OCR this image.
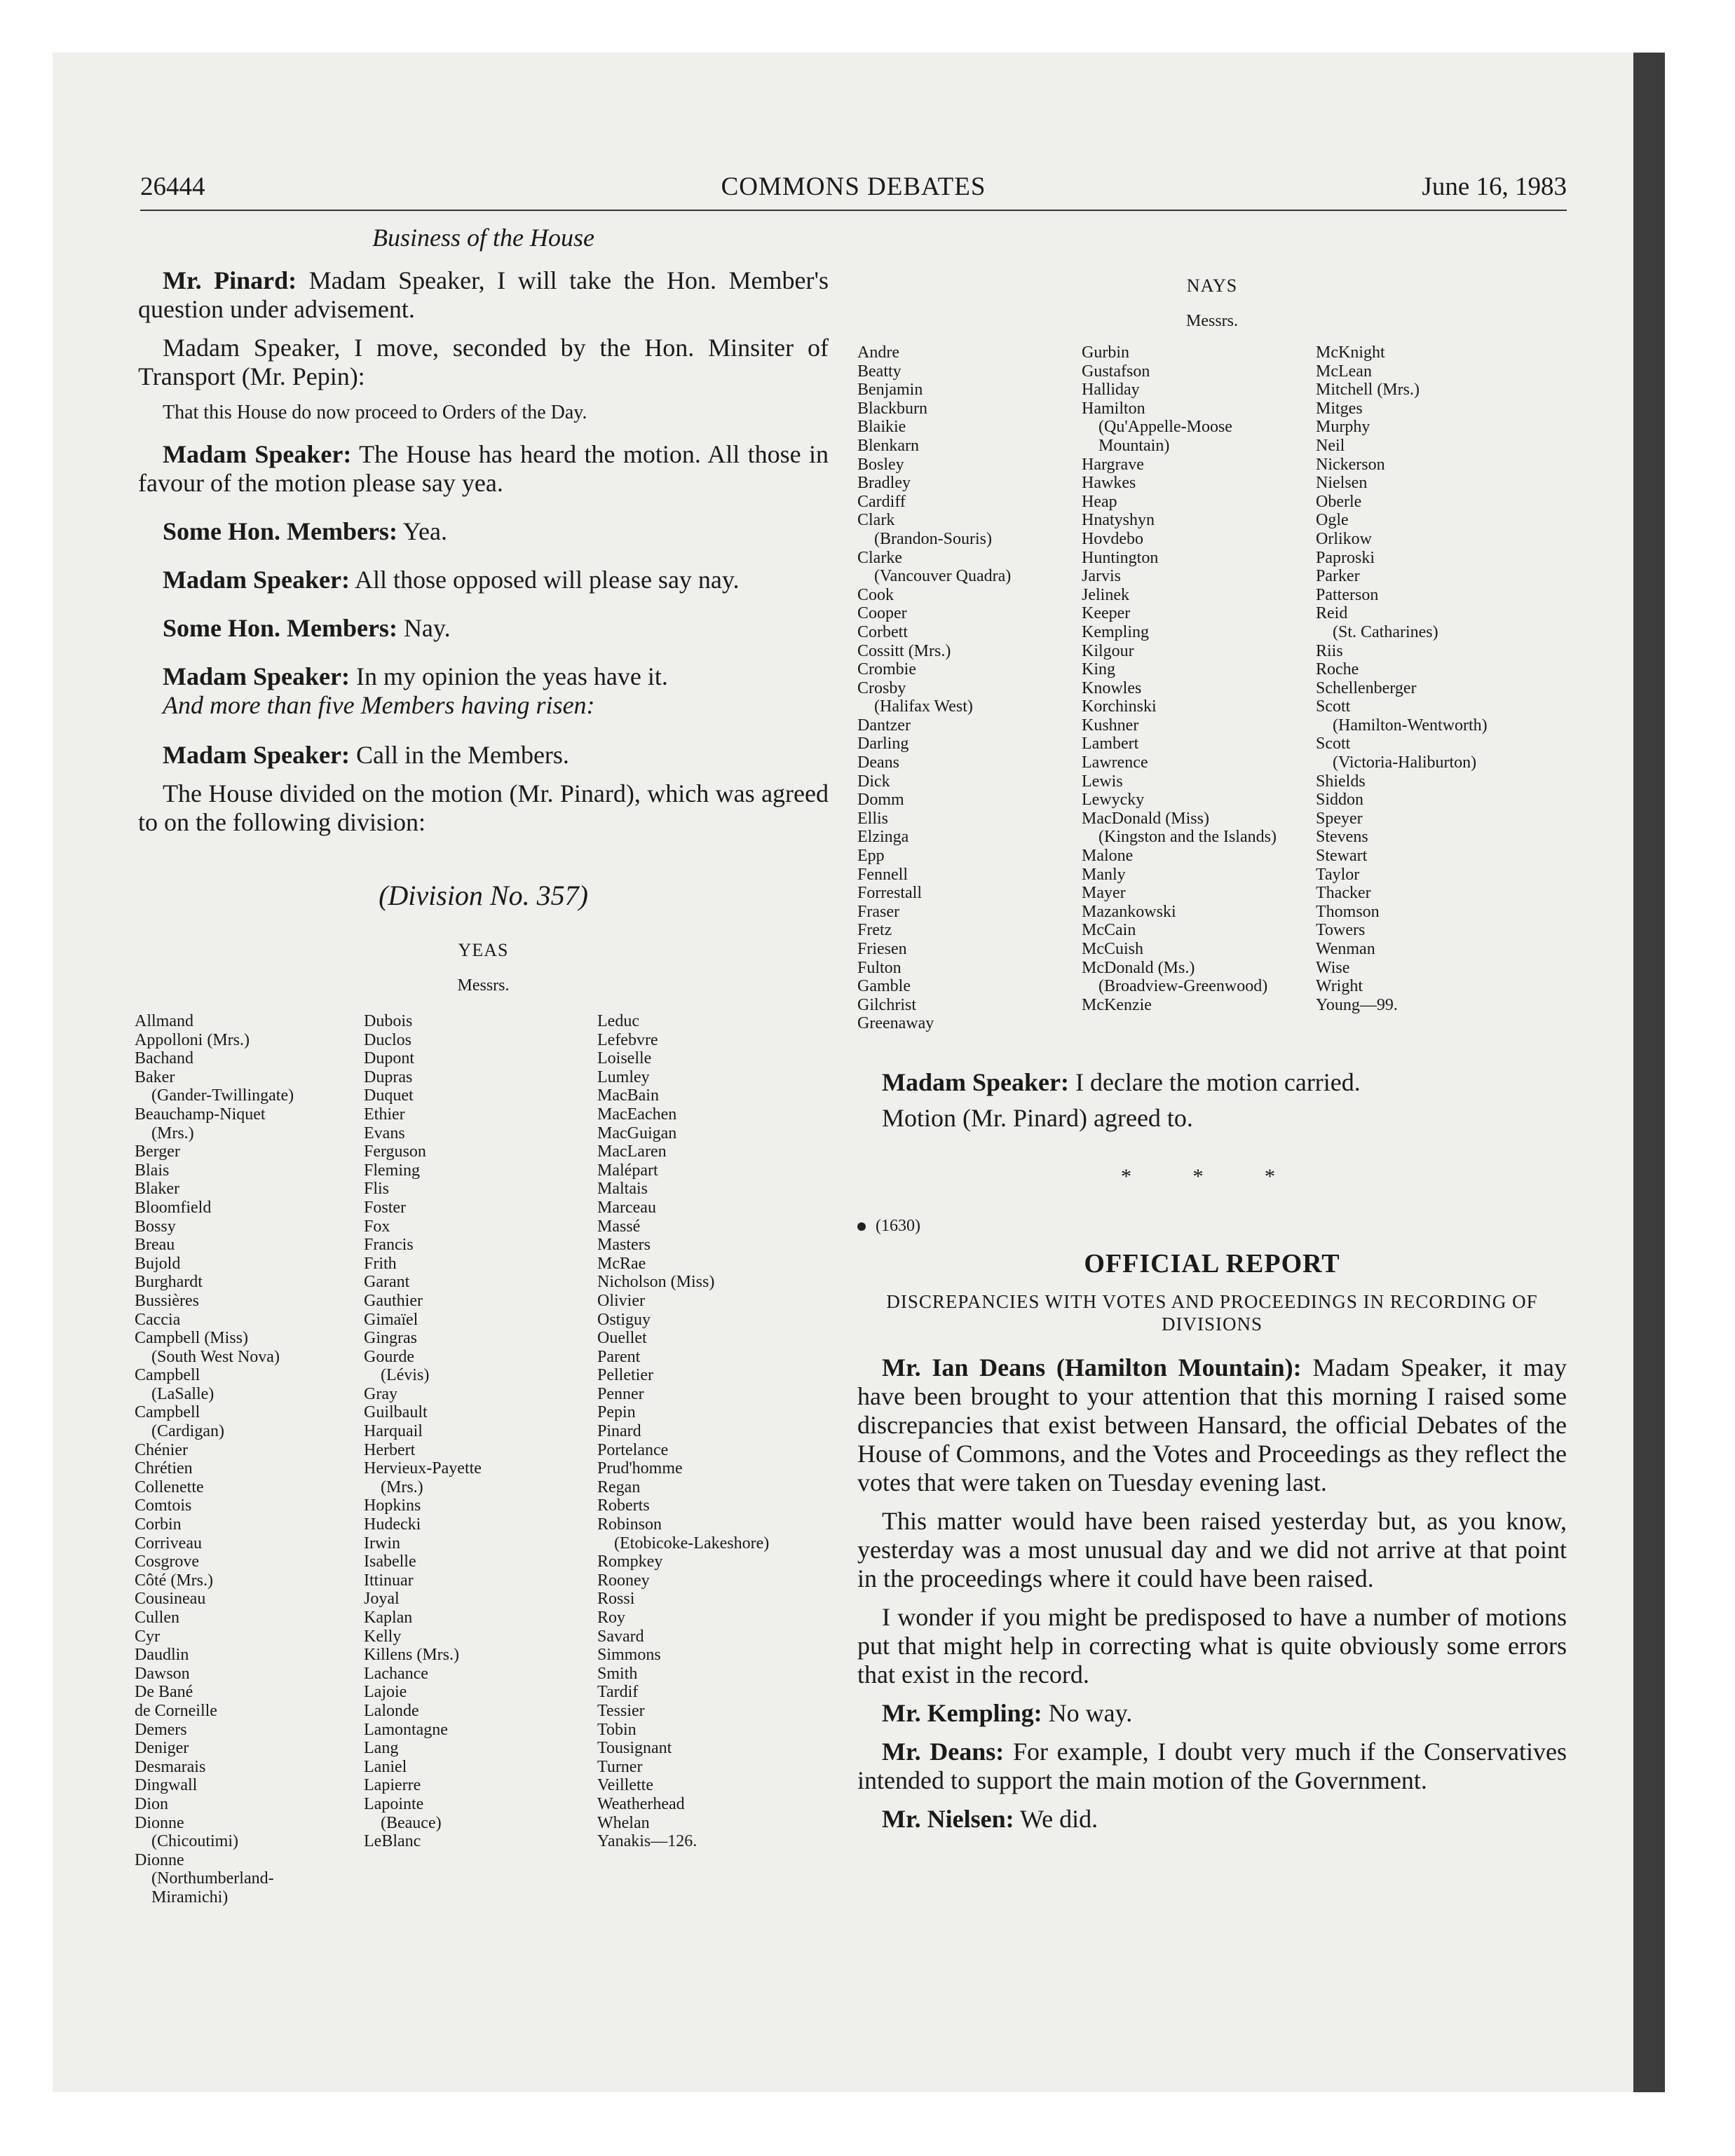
26444	COMMONS DEBATES	June 16, 1983
Business of the House

Mr. Pinard: Madam Speaker, I will take the Hon. Member's question under advisement.

Madam Speaker, I move, seconded by the Hon. Minsiter of Transport (Mr. Pepin):

That this House do now proceed to Orders of the Day.

Madam Speaker: The House has heard the motion. All those in favour of the motion please say yea.

Some Hon. Members: Yea.

Madam Speaker: All those opposed will please say nay.

Some Hon. Members: Nay.

Madam Speaker: In my opinion the yeas have it.

And more than five Members having risen:

Madam Speaker: Call in the Members.

The House divided on the motion (Mr. Pinard), which was agreed to on the following division:

(Division No. 357)
YEAS
Messrs.
Allmand
Appolloni (Mrs.)
Bachand
Baker
(Gander-Twillingate)
Beauchamp-Niquet
(Mrs.)
Berger
Blais
Blaker
Bloomfield
Bossy
Breau
Bujold
Burghardt
Bussières
Caccia
Campbell (Miss)
(South West Nova)
Campbell
(LaSalle)
Campbell
(Cardigan)
Chénier
Chrétien
Collenette
Comtois
Corbin
Corriveau
Cosgrove
Côté (Mrs.)
Cousineau
Cullen
Cyr
Daudlin
Dawson
De Bané
de Corneille
Demers
Deniger
Desmarais
Dingwall
Dion
Dionne
(Chicoutimi)
Dionne
(Northumberland-
Miramichi)
Dubois
Duclos
Dupont
Dupras
Duquet
Ethier
Evans
Ferguson
Fleming
Flis
Foster
Fox
Francis
Frith
Garant
Gauthier
Gimaïel
Gingras
Gourde
(Lévis)
Gray
Guilbault
Harquail
Herbert
Hervieux-Payette
(Mrs.)
Hopkins
Hudecki
Irwin
Isabelle
Ittinuar
Joyal
Kaplan
Kelly
Killens (Mrs.)
Lachance
Lajoie
Lalonde
Lamontagne
Lang
Laniel
Lapierre
Lapointe
(Beauce)
LeBlanc
Leduc
Lefebvre
Loiselle
Lumley
MacBain
MacEachen
MacGuigan
MacLaren
Malépart
Maltais
Marceau
Massé
Masters
McRae
Nicholson (Miss)
Olivier
Ostiguy
Ouellet
Parent
Pelletier
Penner
Pepin
Pinard
Portelance
Prud'homme
Regan
Roberts
Robinson
(Etobicoke-Lakeshore)
Rompkey
Rooney
Rossi
Roy
Savard
Simmons
Smith
Tardif
Tessier
Tobin
Tousignant
Turner
Veillette
Weatherhead
Whelan
Yanakis—126.
NAYS
Messrs.
Andre
Beatty
Benjamin
Blackburn
Blaikie
Blenkarn
Bosley
Bradley
Cardiff
Clark
(Brandon-Souris)
Clarke
(Vancouver Quadra)
Cook
Cooper
Corbett
Cossitt (Mrs.)
Crombie
Crosby
(Halifax West)
Dantzer
Darling
Deans
Dick
Domm
Ellis
Elzinga
Epp
Fennell
Forrestall
Fraser
Fretz
Friesen
Fulton
Gamble
Gilchrist
Greenaway
Gurbin
Gustafson
Halliday
Hamilton
(Qu'Appelle-Moose
Mountain)
Hargrave
Hawkes
Heap
Hnatyshyn
Hovdebo
Huntington
Jarvis
Jelinek
Keeper
Kempling
Kilgour
King
Knowles
Korchinski
Kushner
Lambert
Lawrence
Lewis
Lewycky
MacDonald (Miss)
(Kingston and the Islands)
Malone
Manly
Mayer
Mazankowski
McCain
McCuish
McDonald (Ms.)
(Broadview-Greenwood)
McKenzie
McKnight
McLean
Mitchell (Mrs.)
Mitges
Murphy
Neil
Nickerson
Nielsen
Oberle
Ogle
Orlikow
Paproski
Parker
Patterson
Reid
(St. Catharines)
Riis
Roche
Schellenberger
Scott
(Hamilton-Wentworth)
Scott
(Victoria-Haliburton)
Shields
Siddon
Speyer
Stevens
Stewart
Taylor
Thacker
Thomson
Towers
Wenman
Wise
Wright
Young—99.

Madam Speaker: I declare the motion carried.

Motion (Mr. Pinard) agreed to.

* * *
(1630)
OFFICIAL REPORT
DISCREPANCIES WITH VOTES AND PROCEEDINGS IN RECORDING OF DIVISIONS

Mr. Ian Deans (Hamilton Mountain): Madam Speaker, it may have been brought to your attention that this morning I raised some discrepancies that exist between Hansard, the official Debates of the House of Commons, and the Votes and Proceedings as they reflect the votes that were taken on Tuesday evening last.

This matter would have been raised yesterday but, as you know, yesterday was a most unusual day and we did not arrive at that point in the proceedings where it could have been raised.

I wonder if you might be predisposed to have a number of motions put that might help in correcting what is quite obviously some errors that exist in the record.

Mr. Kempling: No way.

Mr. Deans: For example, I doubt very much if the Conservatives intended to support the main motion of the Government.

Mr. Nielsen: We did.
